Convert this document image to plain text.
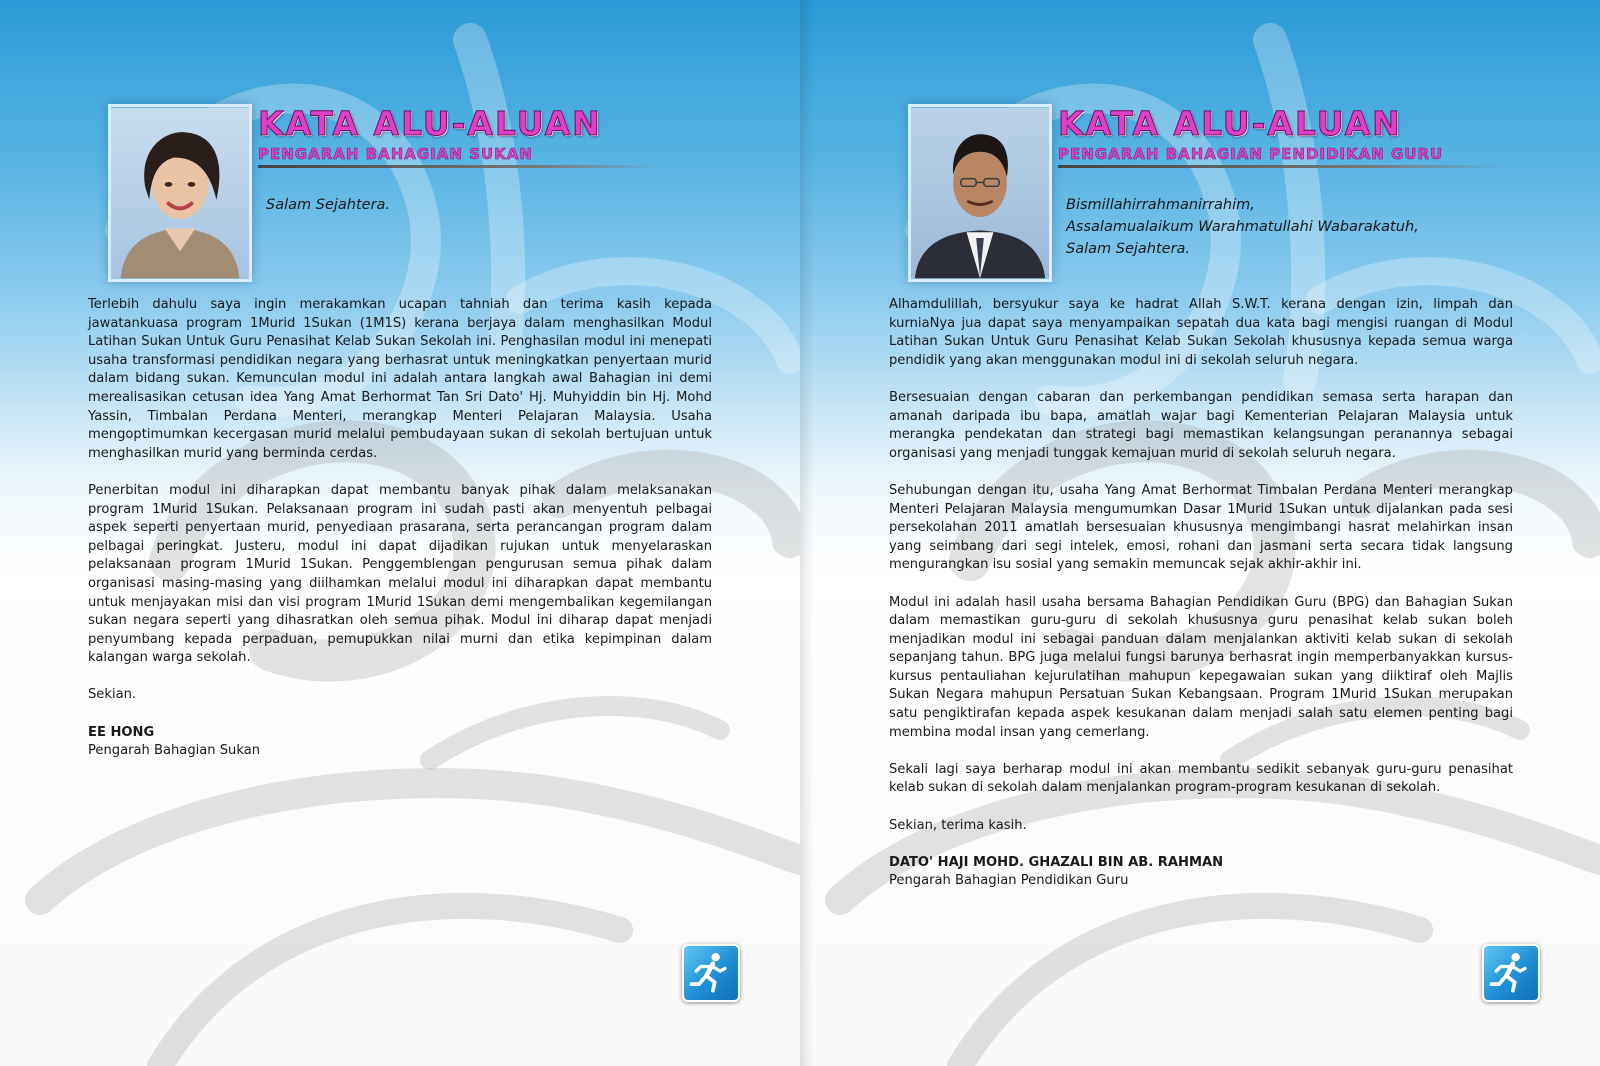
KATA ALU-ALUAN
PENGARAH BAHAGIAN SUKAN
Salam Sejahtera.

Terlebih dahulu saya ingin merakamkan ucapan tahniah dan terima kasih kepada jawatankuasa program 1Murid 1Sukan (1M1S) kerana berjaya dalam menghasilkan Modul Latihan Sukan Untuk Guru Penasihat Kelab Sukan Sekolah ini. Penghasilan modul ini menepati usaha transformasi pendidikan negara yang berhasrat untuk meningkatkan penyertaan murid dalam bidang sukan. Kemunculan modul ini adalah antara langkah awal Bahagian ini demi merealisasikan cetusan idea Yang Amat Berhormat Tan Sri Dato' Hj. Muhyiddin bin Hj. Mohd Yassin, Timbalan Perdana Menteri, merangkap Menteri Pelajaran Malaysia. Usaha mengoptimumkan kecergasan murid melalui pembudayaan sukan di sekolah bertujuan untuk menghasilkan murid yang berminda cerdas.

Penerbitan modul ini diharapkan dapat membantu banyak pihak dalam melaksanakan program 1Murid 1Sukan. Pelaksanaan program ini sudah pasti akan menyentuh pelbagai aspek seperti penyertaan murid, penyediaan prasarana, serta perancangan program dalam pelbagai peringkat. Justeru, modul ini dapat dijadikan rujukan untuk menyelaraskan pelaksanaan program 1Murid 1Sukan. Penggemblengan pengurusan semua pihak dalam organisasi masing-masing yang diilhamkan melalui modul ini diharapkan dapat membantu untuk menjayakan misi dan visi program 1Murid 1Sukan demi mengembalikan kegemilangan sukan negara seperti yang dihasratkan oleh semua pihak. Modul ini diharap dapat menjadi penyumbang kepada perpaduan, pemupukkan nilai murni dan etika kepimpinan dalam kalangan warga sekolah.

Sekian.

EE HONG
Pengarah Bahagian Sukan
KATA ALU-ALUAN
PENGARAH BAHAGIAN PENDIDIKAN GURU
Bismillahirrahmanirrahim,
Assalamualaikum Warahmatullahi Wabarakatuh,
Salam Sejahtera.

Alhamdulillah, bersyukur saya ke hadrat Allah S.W.T. kerana dengan izin, limpah dan kurniaNya jua dapat saya menyampaikan sepatah dua kata bagi mengisi ruangan di Modul Latihan Sukan Untuk Guru Penasihat Kelab Sukan Sekolah khususnya kepada semua warga pendidik yang akan menggunakan modul ini di sekolah seluruh negara.

Bersesuaian dengan cabaran dan perkembangan pendidikan semasa serta harapan dan amanah daripada ibu bapa, amatlah wajar bagi Kementerian Pelajaran Malaysia untuk merangka pendekatan dan strategi bagi memastikan kelangsungan peranannya sebagai organisasi yang menjadi tunggak kemajuan murid di sekolah seluruh negara.

Sehubungan dengan itu, usaha Yang Amat Berhormat Timbalan Perdana Menteri merangkap Menteri Pelajaran Malaysia mengumumkan Dasar 1Murid 1Sukan untuk dijalankan pada sesi persekolahan 2011 amatlah bersesuaian khususnya mengimbangi hasrat melahirkan insan yang seimbang dari segi intelek, emosi, rohani dan jasmani serta secara tidak langsung mengurangkan isu sosial yang semakin memuncak sejak akhir-akhir ini.

Modul ini adalah hasil usaha bersama Bahagian Pendidikan Guru (BPG) dan Bahagian Sukan dalam memastikan guru-guru di sekolah khususnya guru penasihat kelab sukan boleh menjadikan modul ini sebagai panduan dalam menjalankan aktiviti kelab sukan di sekolah sepanjang tahun. BPG juga melalui fungsi barunya berhasrat ingin memperbanyakkan kursus-kursus pentauliahan kejurulatihan mahupun kepegawaian sukan yang diiktiraf oleh Majlis Sukan Negara mahupun Persatuan Sukan Kebangsaan. Program 1Murid 1Sukan merupakan satu pengiktirafan kepada aspek kesukanan dalam menjadi salah satu elemen penting bagi membina modal insan yang cemerlang.

Sekali lagi saya berharap modul ini akan membantu sedikit sebanyak guru-guru penasihat kelab sukan di sekolah dalam menjalankan program-program kesukanan di sekolah.

Sekian, terima kasih.

DATO' HAJI MOHD. GHAZALI BIN AB. RAHMAN
Pengarah Bahagian Pendidikan Guru
